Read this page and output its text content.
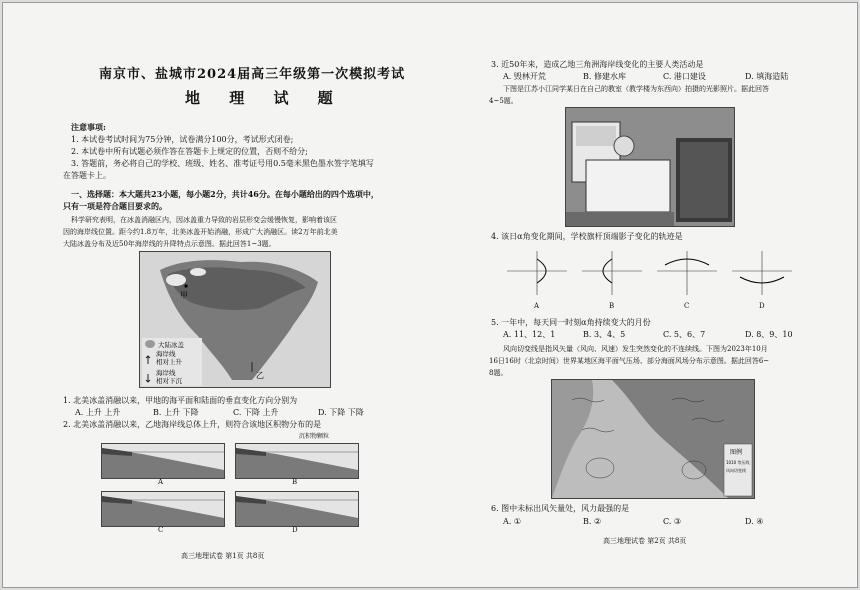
南京市、盐城市2024届高三年级第一次模拟考试
地 理 试 题
注意事项:
1. 本试卷考试时间为75分钟，试卷满分100分，考试形式闭卷;
2. 本试卷中所有试题必须作答在答题卡上规定的位置，否则不给分;
3. 答题前，务必将自己的学校、班级、姓名、准考证号用0.5毫米黑色墨水签字笔填写
在答题卡上。
一、选择题：本大题共23小题，每小题2分，共计46分。在每小题给出的四个选项中，
只有一项是符合题目要求的。
科学研究表明，在冰盖消融区内，因冰盖重力导致的岩层形变会缓慢恢复，影响着该区
因的海岸线位置。距今约1.8万年，北美冰盖开始消融，形成广大消融区。读2万年前北美
大陆冰盖分布及近50年海岸线的升降特点示意图。据此回答1~3题。
甲
乙
大陆冰盖
海岸线
相对上升
海岸线
相对下沉
1. 北美冰盖消融以来，甲地的海平面和陆面的垂直变化方向分别为
A. 上升 上升	B. 上升 下降	C. 下降 上升	D. 下降 下降
2. 北美冰盖消融以来，乙地海岸线总体上升，则符合该地区积物分布的是
沉积物颗粒
A	B
C	D
高三地理试卷 第1页 共8页
3. 近50年来，造成乙地三角洲海岸线变化的主要人类活动是
A. 毁林开荒	B. 修建水库	C. 港口建设	D. 填海造陆
下图是江苏小江同学某日在自己的教室（教学楼为东西向）拍摄的光影照片。据此回答
4~5题。
4. 该日α角变化期间，学校旗杆顶端影子变化的轨迹是
A	B	C	D
5. 一年中，每天同一时刻α角持续变大的月份
A. 11、12、1	B. 3、4、5	C. 5、6、7	D. 8、9、10
风向切变线是指风矢量（风向、风速）发生突然变化的不连续线。下图为2023年10月
16日16时（北京时间）世界某地区海平面气压场、部分海面风场分布示意图。据此回答6~
8题。
图例
1010 等压线
风向切变线
6. 图中未标出风矢量处，风力最强的是
A. ①	B. ②	C. ③	D. ④
高三地理试卷 第2页 共8页
